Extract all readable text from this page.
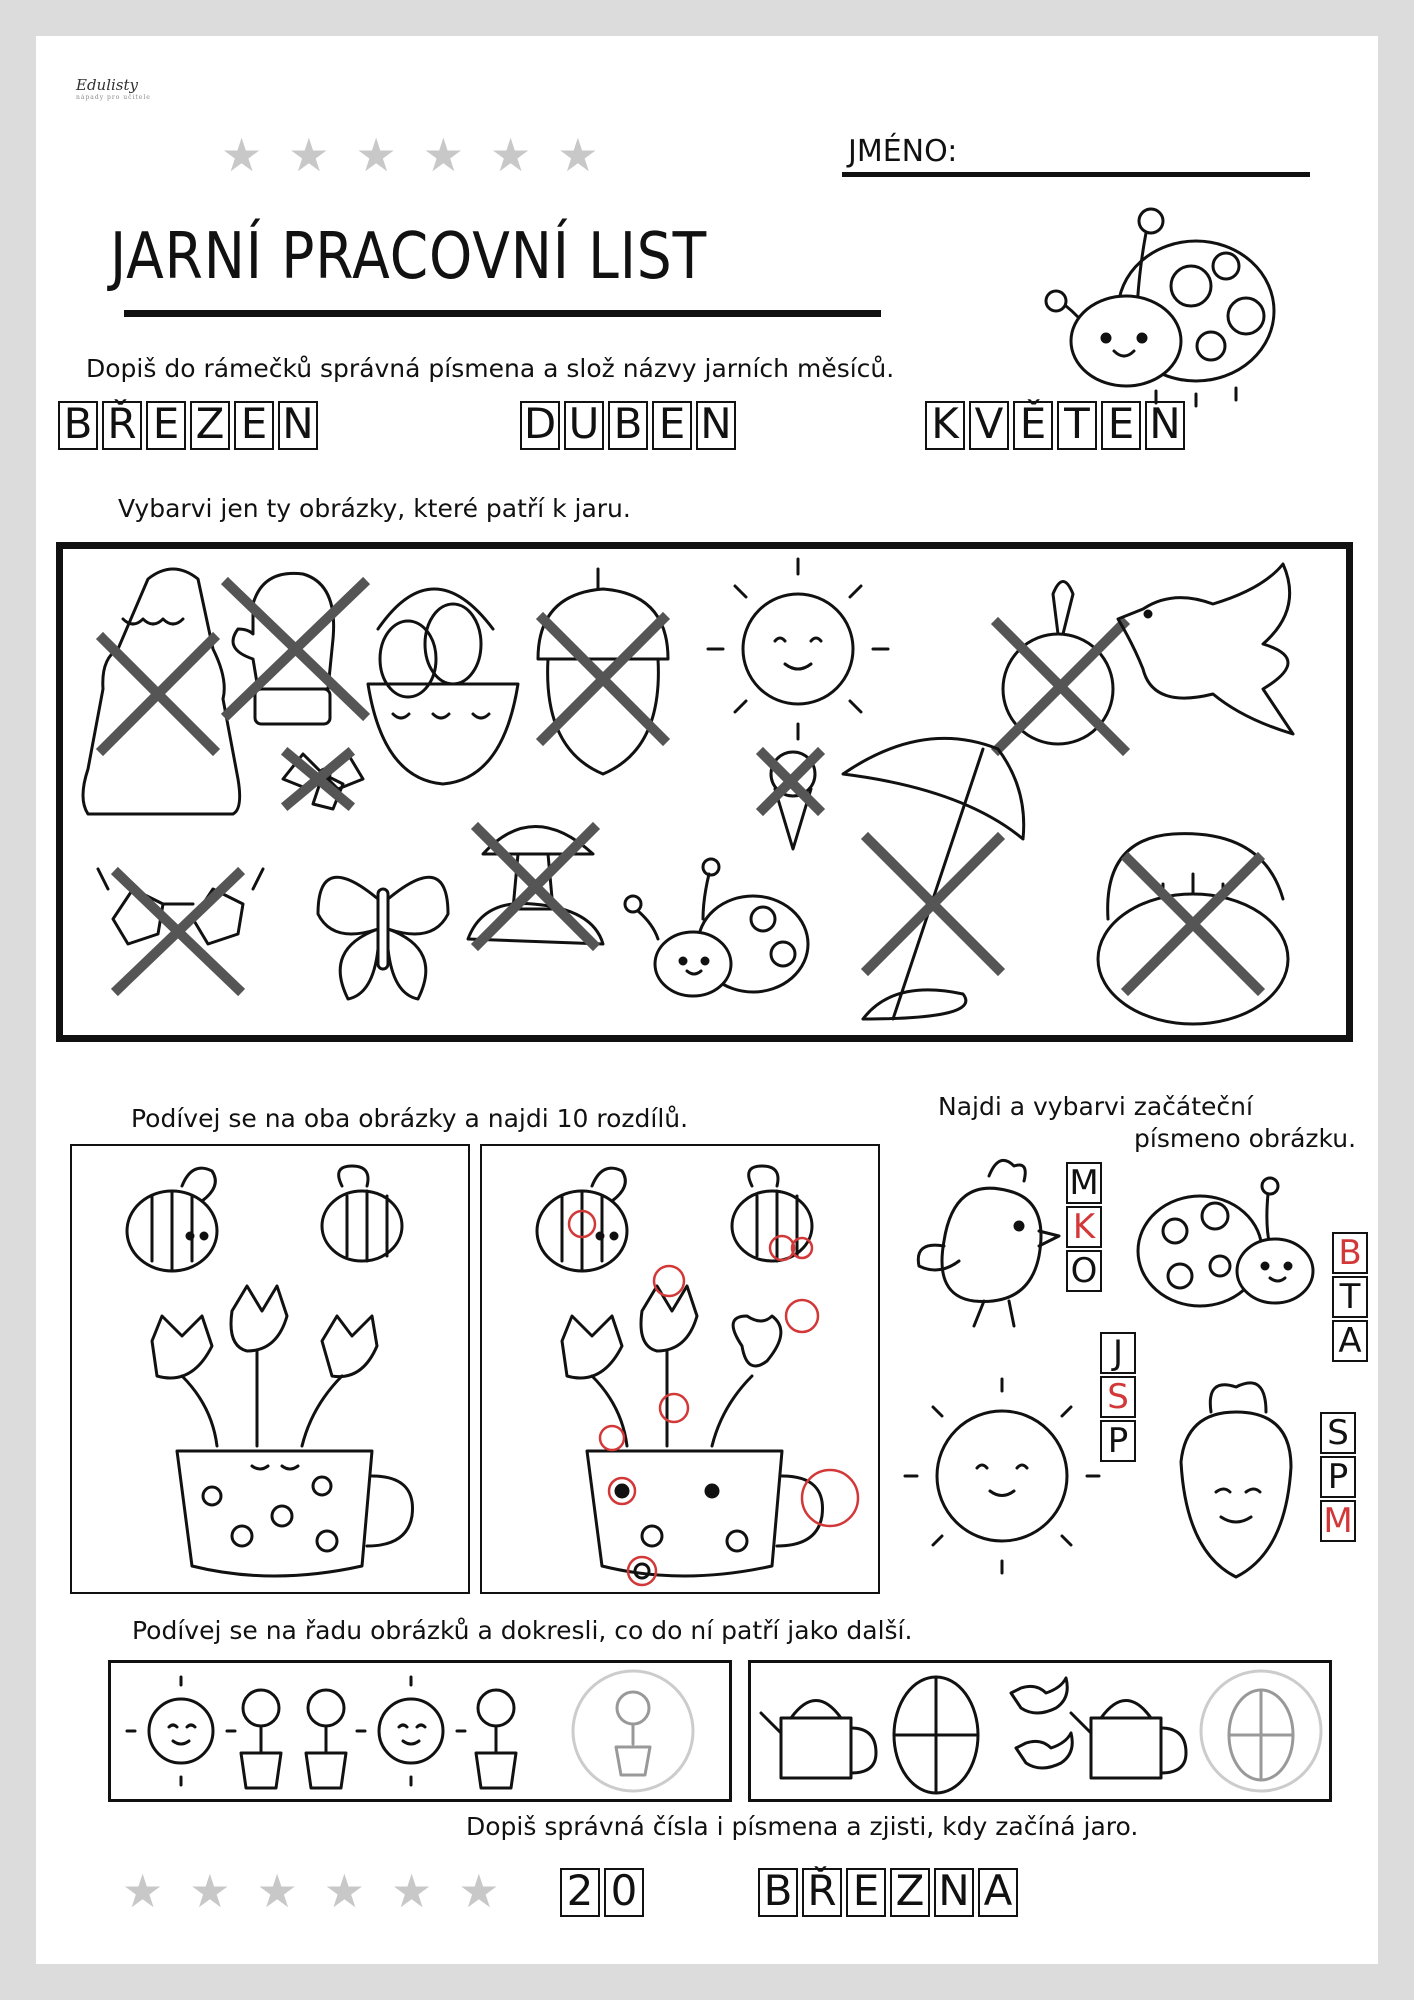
Edulisty
nápady pro učitele
★ ★ ★ ★ ★ ★	JMÉNO:
JARNÍ PRACOVNÍ LIST
Dopiš do rámečků správná písmena a slož názvy jarních měsíců.
B Ř E Z E N	D U B E N	K V Ě T E N
Vybarvi jen ty obrázky, které patří k jaru.
Podívej se na oba obrázky a najdi 10 rozdílů.	Najdi a vybarvi začáteční
písmeno obrázku.
M
K
O	B
T
A
J
S
P	S
P
M
Podívej se na řadu obrázků a dokresli, co do ní patří jako další.
Dopiš správná čísla i písmena a zjisti, kdy začíná jaro.
★ ★ ★ ★ ★ ★ 2 0	B Ř E Z N A
